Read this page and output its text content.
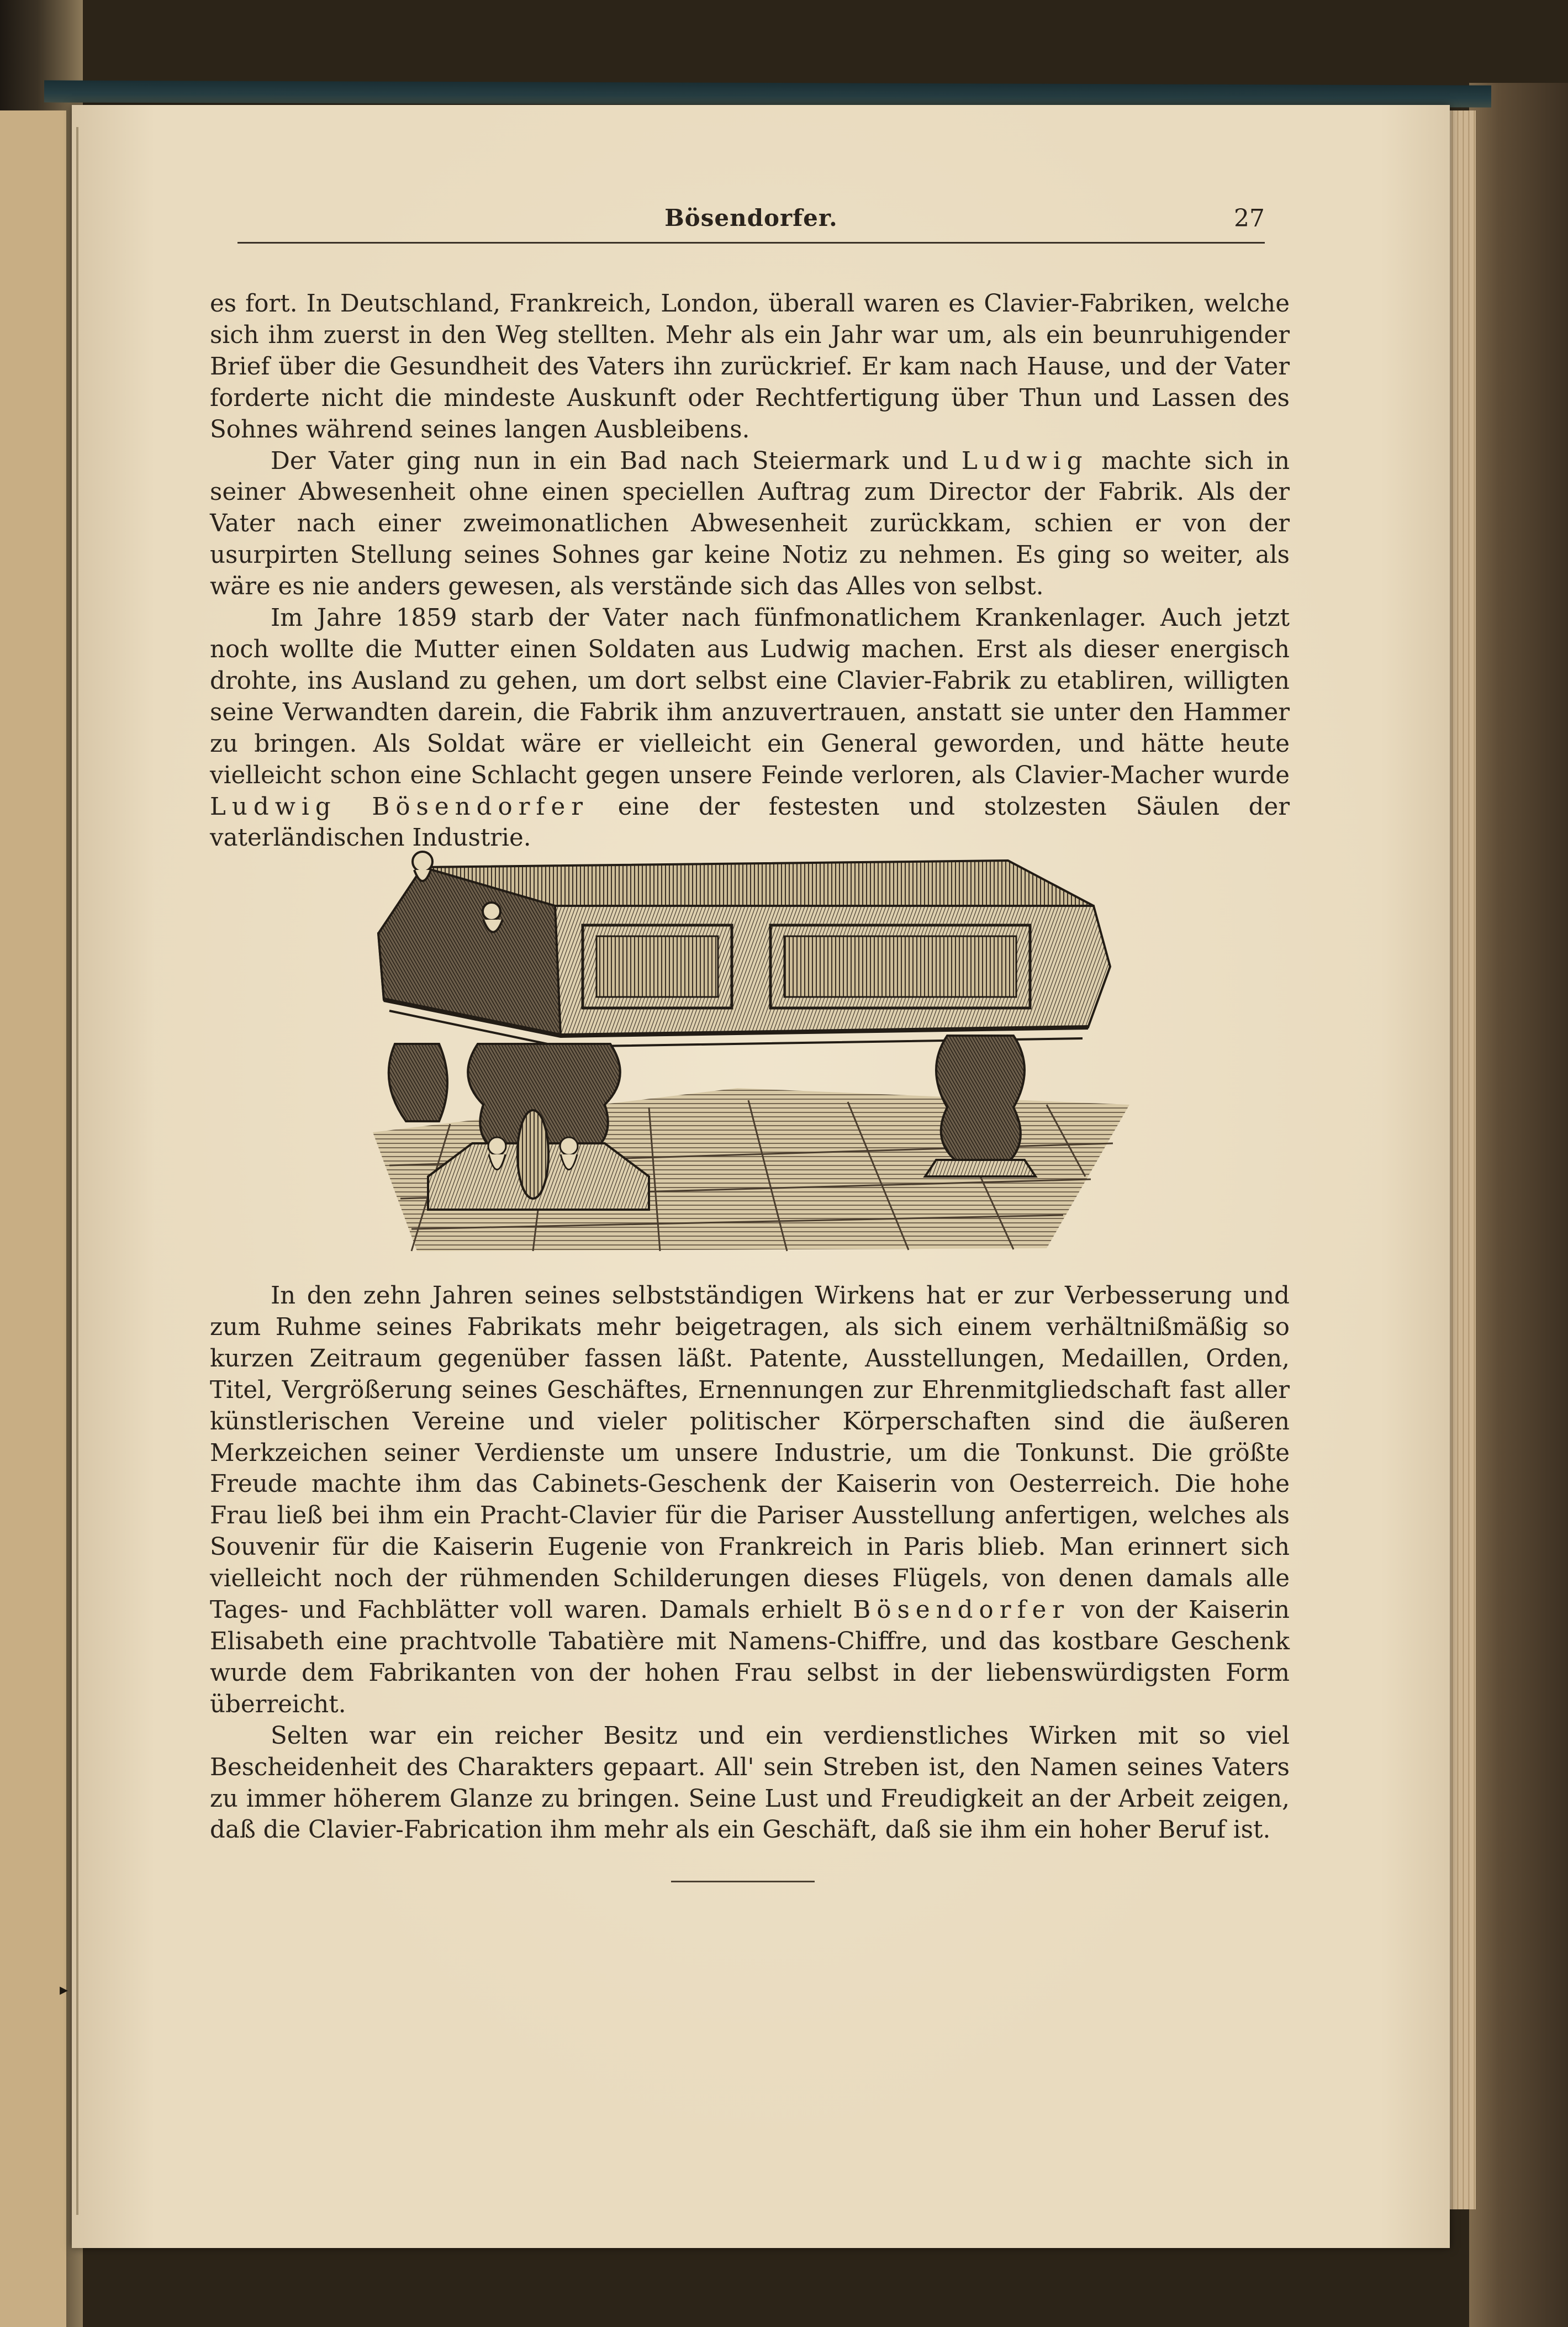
Bösendorfer.	27

es fort. In Deutschland, Frankreich, London, überall waren es Clavier-Fabriken, welche sich ihm zuerst in den Weg stellten. Mehr als ein Jahr war um, als ein beunruhigender Brief über die Gesundheit des Vaters ihn zurückrief. Er kam nach Hause, und der Vater forderte nicht die mindeste Auskunft oder Rechtfertigung über Thun und Lassen des Sohnes während seines langen Ausbleibens.

Der Vater ging nun in ein Bad nach Steiermark und Ludwig machte sich in seiner Abwesenheit ohne einen speciellen Auftrag zum Director der Fabrik. Als der Vater nach einer zweimonatlichen Abwesenheit zurückkam, schien er von der usurpirten Stellung seines Sohnes gar keine Notiz zu nehmen. Es ging so weiter, als wäre es nie anders gewesen, als verstände sich das Alles von selbst.

Im Jahre 1859 starb der Vater nach fünfmonatlichem Krankenlager. Auch jetzt noch wollte die Mutter einen Soldaten aus Ludwig machen. Erst als dieser energisch drohte, ins Ausland zu gehen, um dort selbst eine Clavier-Fabrik zu etabliren, willigten seine Verwandten darein, die Fabrik ihm anzuvertrauen, anstatt sie unter den Hammer zu bringen. Als Soldat wäre er vielleicht ein General geworden, und hätte heute vielleicht schon eine Schlacht gegen unsere Feinde verloren, als Clavier-Macher wurde Ludwig Bösendorfer eine der festesten und stolzesten Säulen der vaterländischen Industrie.

In den zehn Jahren seines selbstständigen Wirkens hat er zur Verbesserung und zum Ruhme seines Fabrikats mehr beigetragen, als sich einem verhältnißmäßig so kurzen Zeitraum gegenüber fassen läßt. Patente, Ausstellungen, Medaillen, Orden, Titel, Vergrößerung seines Geschäftes, Ernennungen zur Ehrenmitgliedschaft fast aller künstlerischen Vereine und vieler politischer Körperschaften sind die äußeren Merkzeichen seiner Verdienste um unsere Industrie, um die Tonkunst. Die größte Freude machte ihm das Cabinets-Geschenk der Kaiserin von Oesterreich. Die hohe Frau ließ bei ihm ein Pracht-Clavier für die Pariser Ausstellung anfertigen, welches als Souvenir für die Kaiserin Eugenie von Frankreich in Paris blieb. Man erinnert sich vielleicht noch der rühmenden Schilderungen dieses Flügels, von denen damals alle Tages- und Fachblätter voll waren. Damals erhielt Bösendorfer von der Kaiserin Elisabeth eine prachtvolle Tabatière mit Namens-Chiffre, und das kostbare Geschenk wurde dem Fabrikanten von der hohen Frau selbst in der liebenswürdigsten Form überreicht.

Selten war ein reicher Besitz und ein verdienstliches Wirken mit so viel Bescheidenheit des Charakters gepaart. All' sein Streben ist, den Namen seines Vaters zu immer höherem Glanze zu bringen. Seine Lust und Freudigkeit an der Arbeit zeigen, daß die Clavier-Fabrication ihm mehr als ein Geschäft, daß sie ihm ein hoher Beruf ist.

▸
